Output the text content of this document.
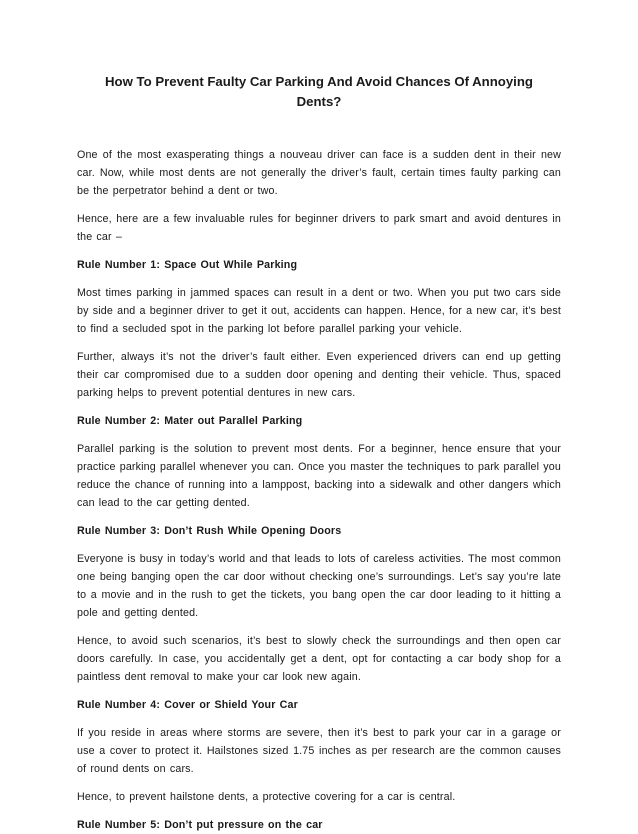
How To Prevent Faulty Car Parking And Avoid Chances Of Annoying Dents?

One of the most exasperating things a nouveau driver can face is a sudden dent in their new car. Now, while most dents are not generally the driver’s fault, certain times faulty parking can be the perpetrator behind a dent or two.

Hence, here are a few invaluable rules for beginner drivers to park smart and avoid dentures in the car –

Rule Number 1: Space Out While Parking

Most times parking in jammed spaces can result in a dent or two. When you put two cars side by side and a beginner driver to get it out, accidents can happen. Hence, for a new car, it’s best to find a secluded spot in the parking lot before parallel parking your vehicle.

Further, always it’s not the driver’s fault either. Even experienced drivers can end up getting their car compromised due to a sudden door opening and denting their vehicle. Thus, spaced parking helps to prevent potential dentures in new cars.

Rule Number 2: Mater out Parallel Parking

Parallel parking is the solution to prevent most dents. For a beginner, hence ensure that your practice parking parallel whenever you can. Once you master the techniques to park parallel you reduce the chance of running into a lamppost, backing into a sidewalk and other dangers which can lead to the car getting dented.

Rule Number 3: Don’t Rush While Opening Doors

Everyone is busy in today’s world and that leads to lots of careless activities. The most common one being banging open the car door without checking one’s surroundings. Let’s say you’re late to a movie and in the rush to get the tickets, you bang open the car door leading to it hitting a pole and getting dented.

Hence, to avoid such scenarios, it’s best to slowly check the surroundings and then open car doors carefully. In case, you accidentally get a dent, opt for contacting a car body shop for a paintless dent removal to make your car look new again.

Rule Number 4: Cover or Shield Your Car

If you reside in areas where storms are severe, then it’s best to park your car in a garage or use a cover to protect it. Hailstones sized 1.75 inches as per research are the common causes of round dents on cars.

Hence, to prevent hailstone dents, a protective covering for a car is central.

Rule Number 5: Don’t put pressure on the car
